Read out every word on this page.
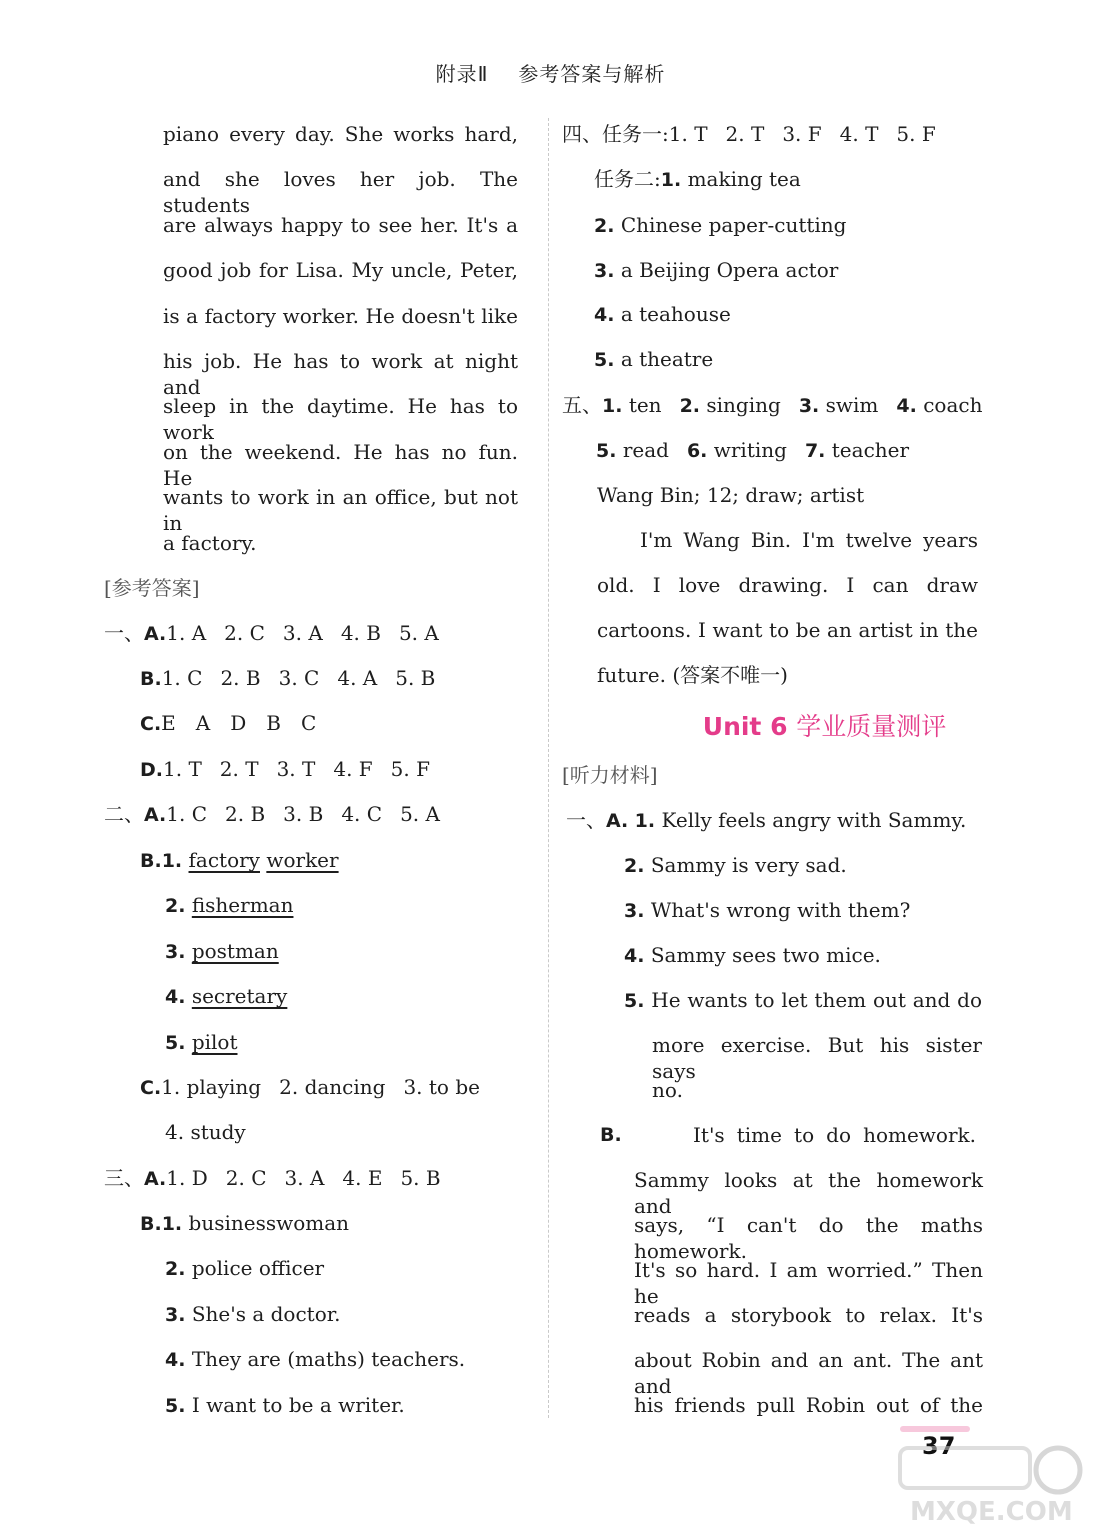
附录Ⅱ 参考答案与解析
piano every day. She works hard,
and she loves her job. The students
are always happy to see her. It's a
good job for Lisa. My uncle, Peter,
is a factory worker. He doesn't like
his job. He has to work at night and
sleep in the daytime. He has to work
on the weekend. He has no fun. He
wants to work in an office, but not in
a factory.
[参考答案]
一、A.1. A 2. C 3. A 4. B 5. A
B.1. C 2. B 3. C 4. A 5. B
C.E　A　D　B　C
D.1. T 2. T 3. T 4. F 5. F
二、A.1. C 2. B 3. B 4. C 5. A
B.1. factory worker
2. fisherman
3. postman
4. secretary
5. pilot
C.1. playing 2. dancing 3. to be
4. study
三、A.1. D 2. C 3. A 4. E 5. B
B.1. businesswoman
2. police officer
3. She's a doctor.
4. They are (maths) teachers.
5. I want to be a writer.
四、任务一:1. T 2. T 3. F 4. T 5. F
任务二:1. making tea
2. Chinese paper-cutting
3. a Beijing Opera actor
4. a teahouse
5. a theatre
五、1. ten 2. singing 3. swim 4. coach
5. read 6. writing 7. teacher
Wang Bin; 12; draw; artist
I'm Wang Bin. I'm twelve years
old. I love drawing. I can draw
cartoons. I want to be an artist in the
future. (答案不唯一)
Unit 6 学业质量测评
[听力材料]
一、A. 1. Kelly feels angry with Sammy.
2. Sammy is very sad.
3. What's wrong with them?
4. Sammy sees two mice.
5. He wants to let them out and do
more exercise. But his sister says
no.
B.	It's time to do homework.
Sammy looks at the homework and
says, “I can't do the maths homework.
It's so hard. I am worried.” Then he
reads a storybook to relax. It's
about Robin and an ant. The ant and
his friends pull Robin out of the
37
MXQE.COM
